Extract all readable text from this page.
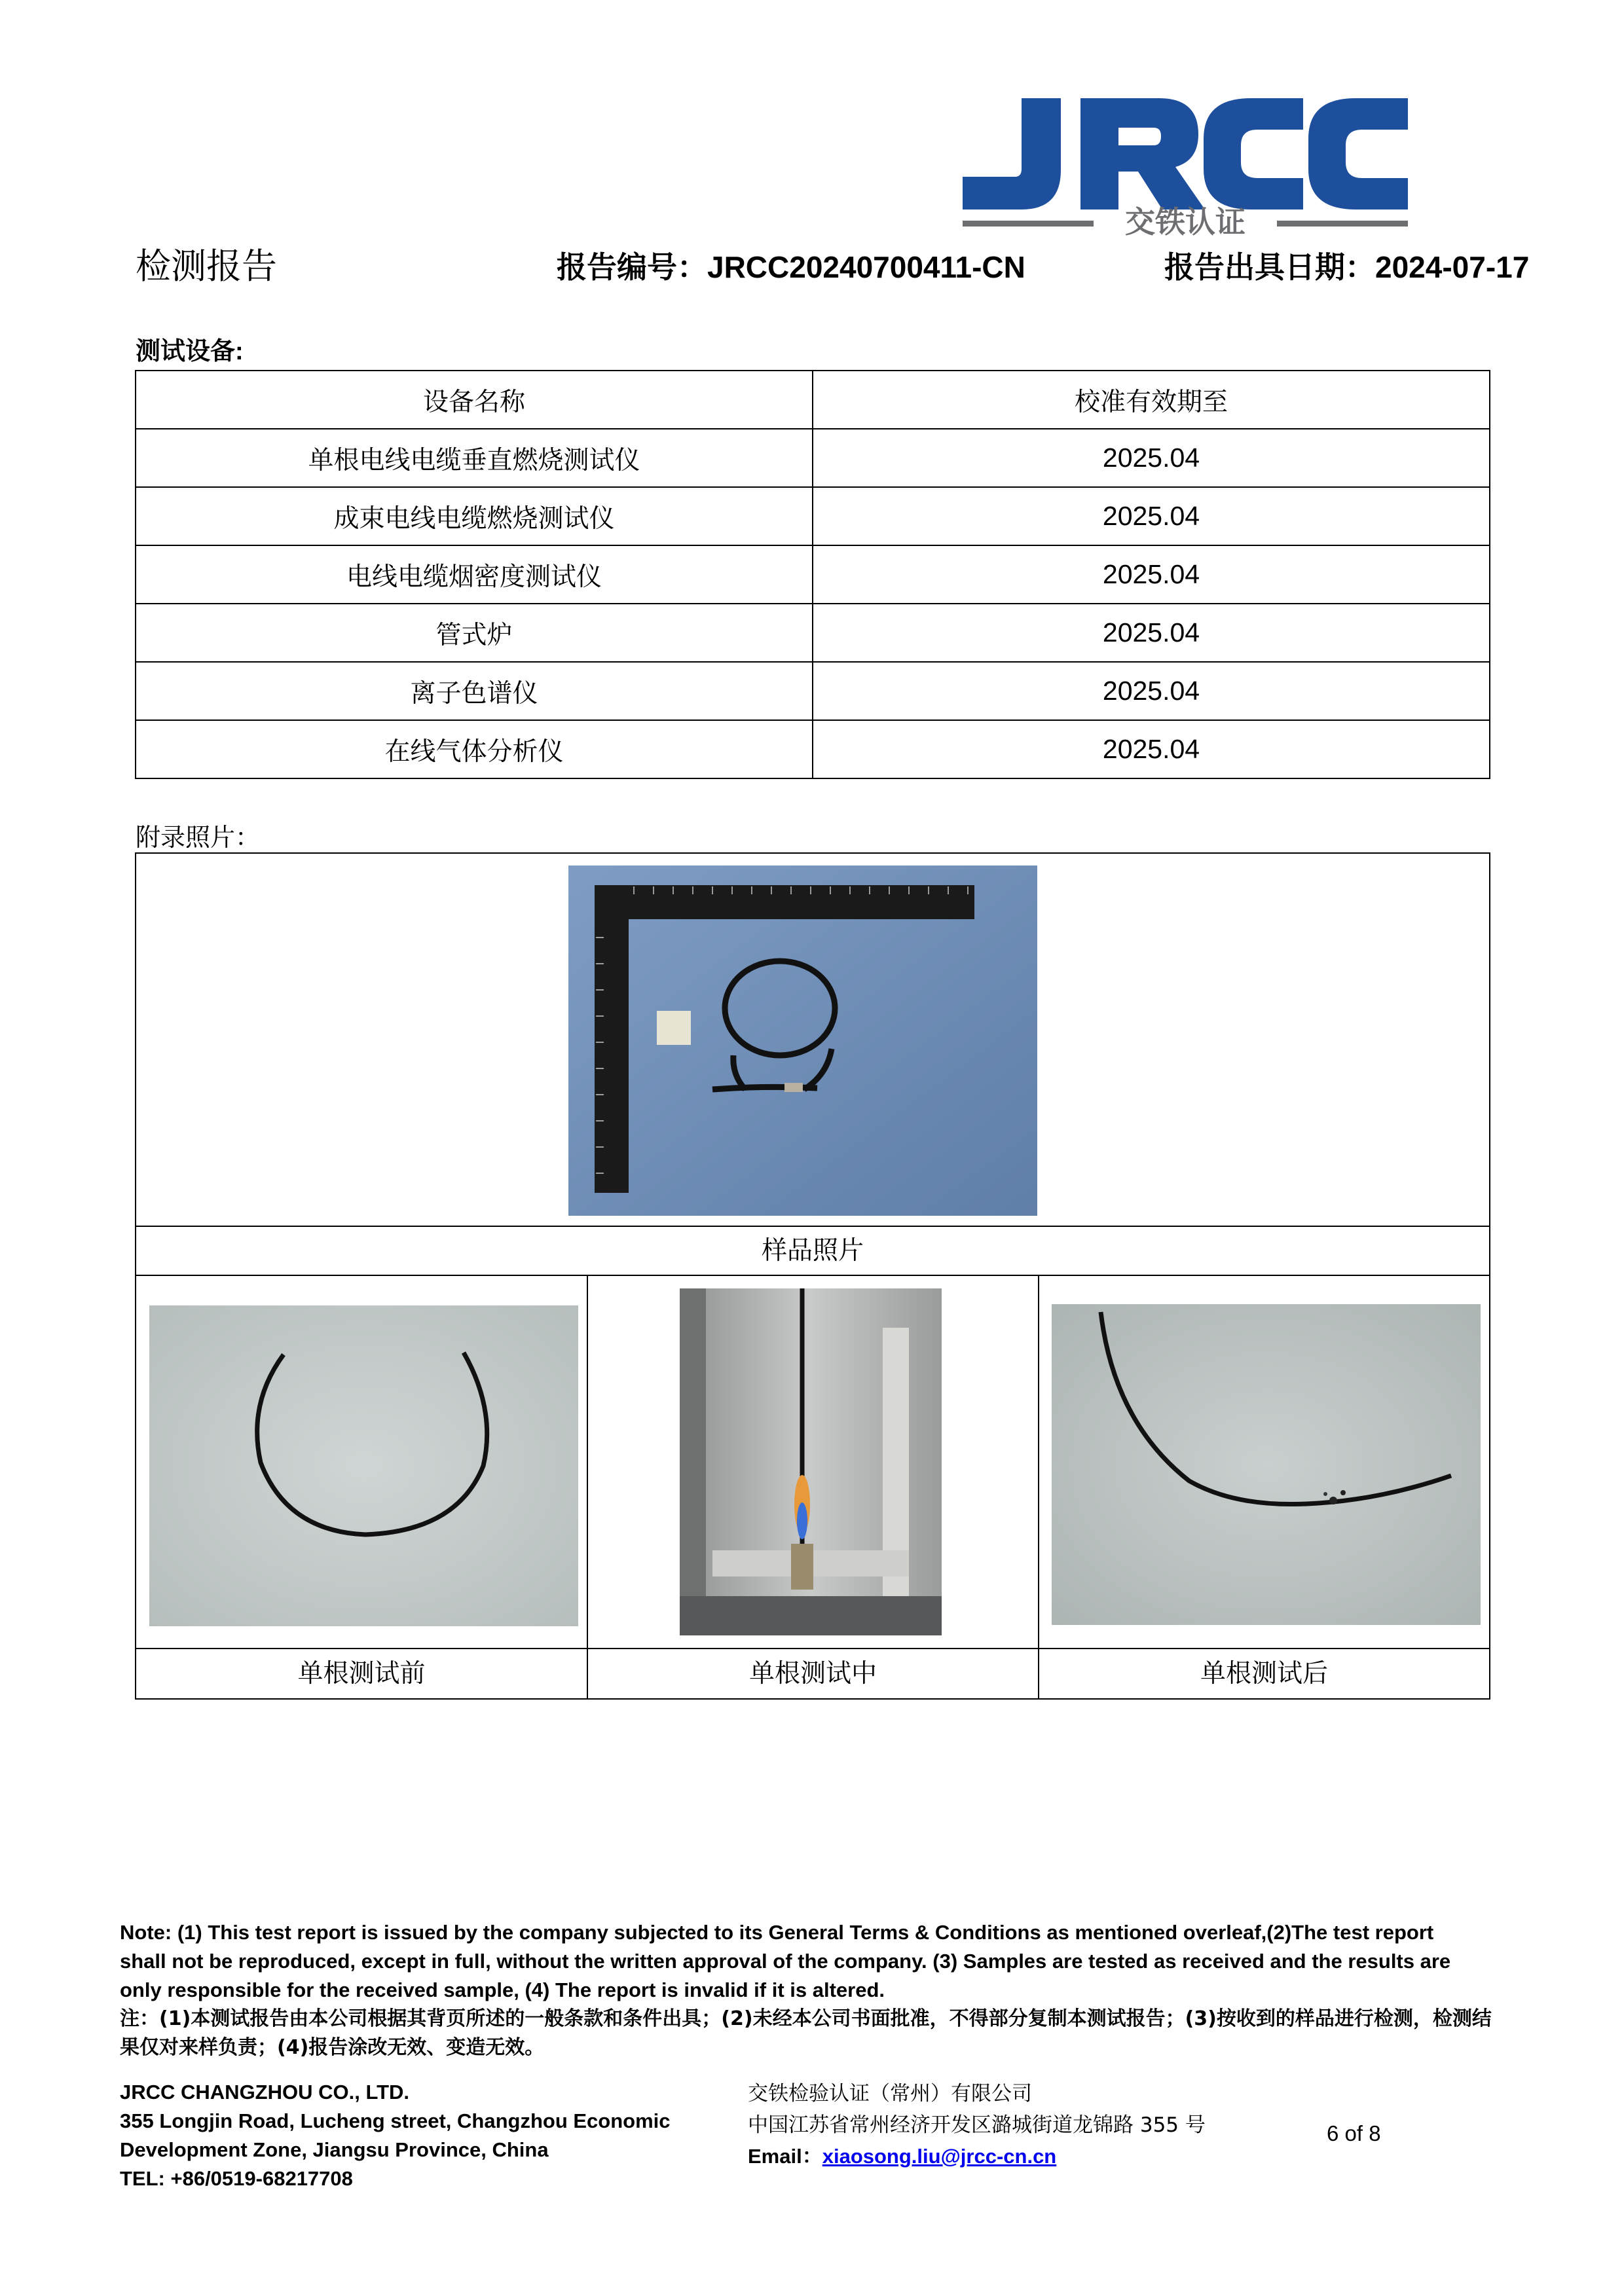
交铁认证
检测报告	报告编号：JRCC20240700411-CN	报告出具日期：2024-07-17
测试设备:
设备名称	校准有效期至
单根电线电缆垂直燃烧测试仪	2025.04
成束电线电缆燃烧测试仪	2025.04
电线电缆烟密度测试仪	2025.04
管式炉	2025.04
离子色谱仪	2025.04
在线气体分析仪	2025.04
附录照片：
样品照片
单根测试前	单根测试中	单根测试后
Note: (1) This test report is issued by the company subjected to its General Terms & Conditions as mentioned overleaf,(2)The test report shall not be reproduced, except in full, without the written approval of the company. (3) Samples are tested as received and the results are only responsible for the received sample, (4) The report is invalid if it is altered.
注：(1)本测试报告由本公司根据其背页所述的一般条款和条件出具；(2)未经本公司书面批准，不得部分复制本测试报告；(3)按收到的样品进行检测，检测结果仅对来样负责；(4)报告涂改无效、变造无效。
JRCC CHANGZHOU CO., LTD.
355 Longjin Road, Lucheng street, Changzhou Economic Development Zone, Jiangsu Province, China
TEL: +86/0519-68217708
交铁检验认证（常州）有限公司
中国江苏省常州经济开发区潞城街道龙锦路 355 号
Email：xiaosong.liu@jrcc-cn.cn
6 of 8
